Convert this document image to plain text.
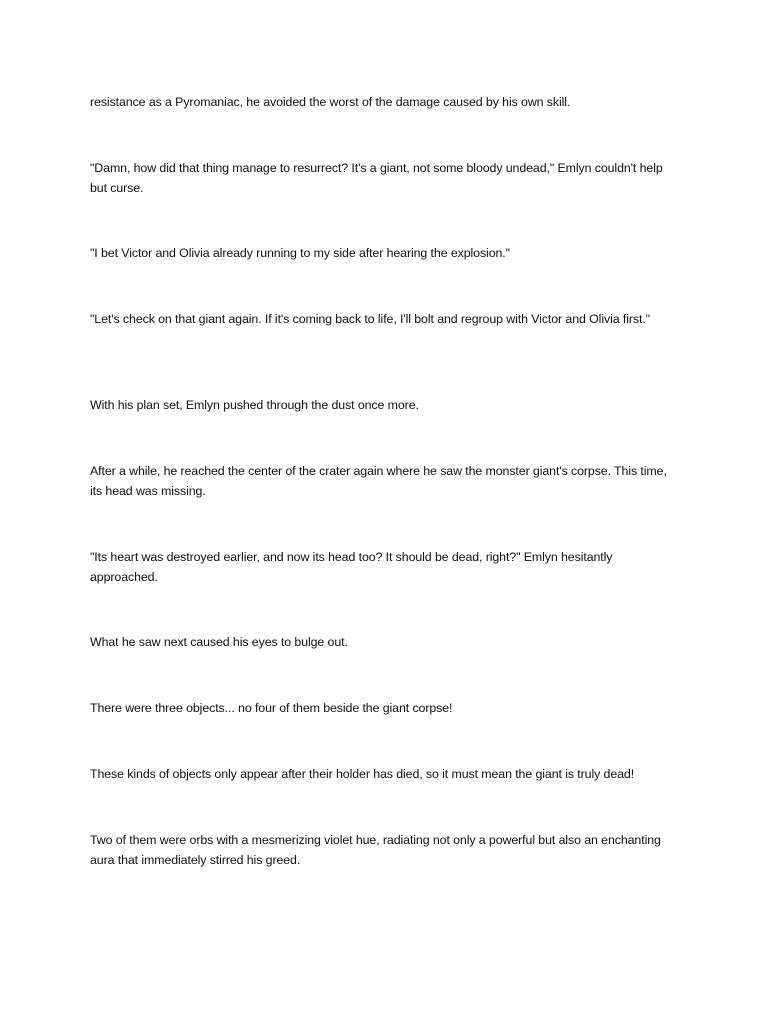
resistance as a Pyromaniac, he avoided the worst of the damage caused by his own skill.

"Damn, how did that thing manage to resurrect? It's a giant, not some bloody undead," Emlyn couldn't help but curse.

"I bet Victor and Olivia already running to my side after hearing the explosion."

"Let's check on that giant again. If it's coming back to life, I'll bolt and regroup with Victor and Olivia first."

With his plan set, Emlyn pushed through the dust once more.

After a while, he reached the center of the crater again where he saw the monster giant's corpse. This time, its head was missing.

"Its heart was destroyed earlier, and now its head too? It should be dead, right?" Emlyn hesitantly approached.

What he saw next caused his eyes to bulge out.

There were three objects... no four of them beside the giant corpse!

These kinds of objects only appear after their holder has died, so it must mean the giant is truly dead!

Two of them were orbs with a mesmerizing violet hue, radiating not only a powerful but also an enchanting aura that immediately stirred his greed.
